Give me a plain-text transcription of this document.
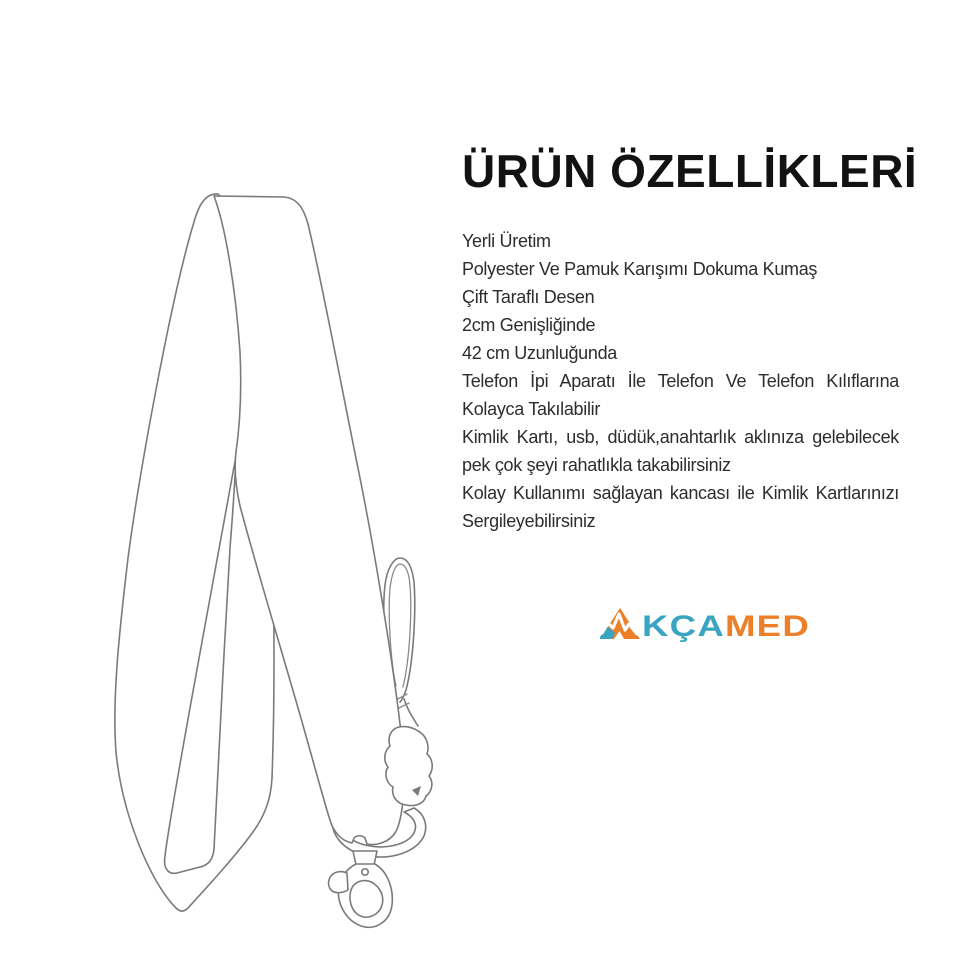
ÜRÜN ÖZELLİKLERİ

Yerli Üretim

Polyester Ve Pamuk Karışımı Dokuma Kumaş

Çift Taraflı Desen

2cm Genişliğinde

42 cm Uzunluğunda

Telefon İpi Aparatı İle Telefon Ve Telefon Kılıflarına Kolayca Takılabilir

Kimlik Kartı, usb, düdük,anahtarlık aklınıza gelebilecek pek çok şeyi rahatlıkla takabilirsiniz

Kolay Kullanımı sağlayan kancası ile Kimlik Kartlarınızı Sergileyebilirsiniz

KÇA MED
